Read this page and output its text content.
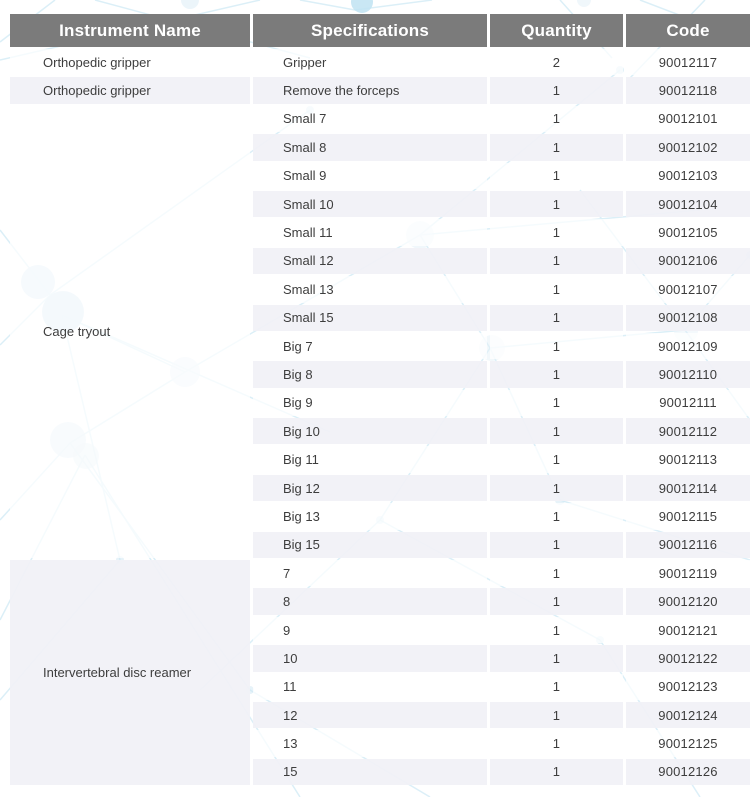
Instrument Name	Specifications	Quantity	Code
Orthopedic gripper	Gripper	2	90012117
Orthopedic gripper	Remove the forceps	1	90012118
Cage tryout	Small 7	1	90012101
	Small 8	1	90012102
	Small 9	1	90012103
	Small 10	1	90012104
	Small 11	1	90012105
	Small 12	1	90012106
	Small 13	1	90012107
	Small 15	1	90012108
	Big 7	1	90012109
	Big 8	1	90012110
	Big 9	1	90012111
	Big 10	1	90012112
	Big 11	1	90012113
	Big 12	1	90012114
	Big 13	1	90012115
	Big 15	1	90012116
Intervertebral disc reamer	7	1	90012119
	8	1	90012120
	9	1	90012121
	10	1	90012122
	11	1	90012123
	12	1	90012124
	13	1	90012125
	15	1	90012126
